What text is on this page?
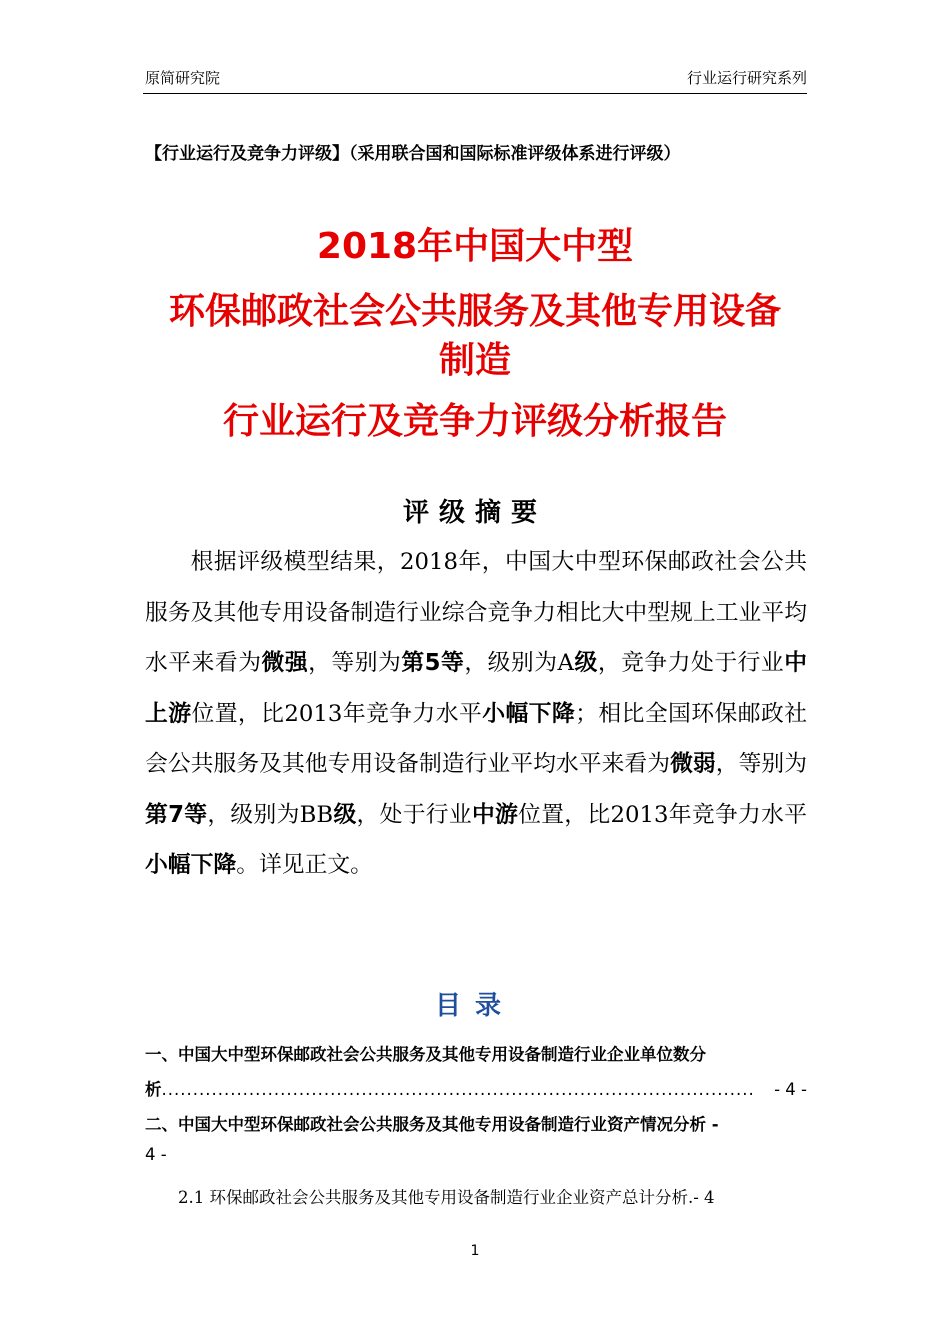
原简研究院	行业运行研究系列
【行业运行及竞争力评级】（采用联合国和国际标准评级体系进行评级）
2018年中国大中型
环保邮政社会公共服务及其他专用设备
制造
行业运行及竞争力评级分析报告
评级摘要

根据评级模型结果，2018年，中国大中型环保邮政社会公共服务及其他专用设备制造行业综合竞争力相比大中型规上工业平均水平来看为微强，等别为第5等，级别为A级，竞争力处于行业中上游位置，比2013年竞争力水平小幅下降；相比全国环保邮政社会公共服务及其他专用设备制造行业平均水平来看为微弱，等别为第7等，级别为BB级，处于行业中游位置，比2013年竞争力水平小幅下降。详见正文。

目录
一、中国大中型环保邮政社会公共服务及其他专用设备制造行业企业单位数分
析 ...............................................................................................	- 4 -
二、中国大中型环保邮政社会公共服务及其他专用设备制造行业资产情况分析 -
4 -
2.1 环保邮政社会公共服务及其他专用设备制造行业企业资产总计分析.- 4
1
